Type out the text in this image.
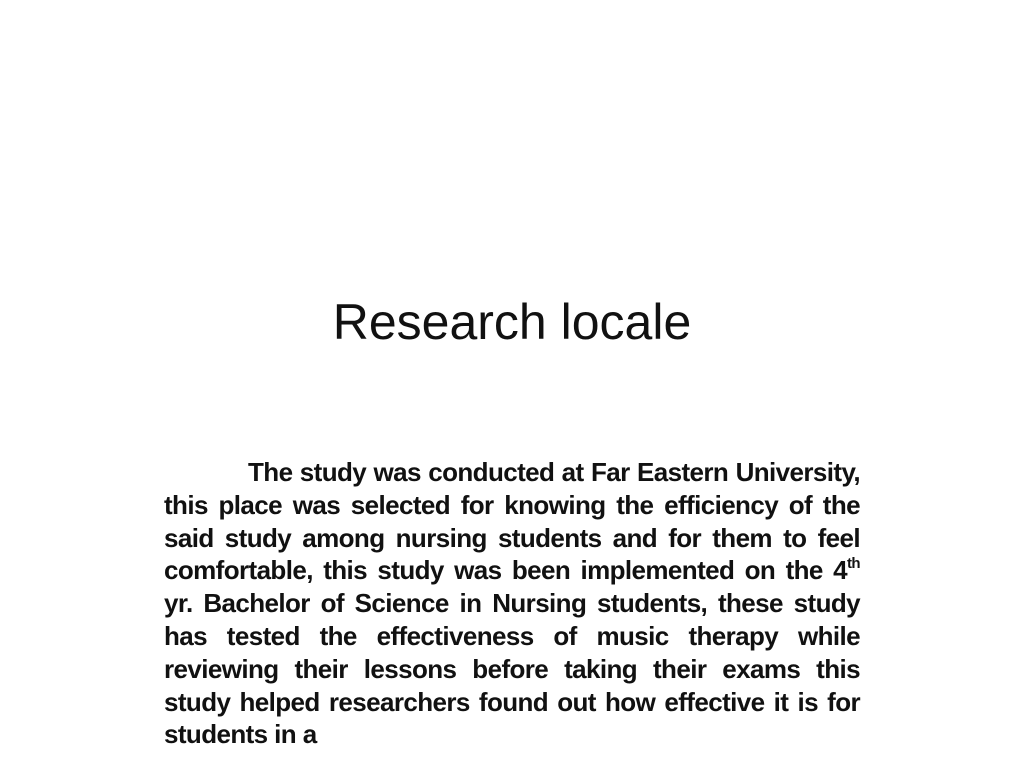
Research locale

The study was conducted at Far Eastern University, this place was selected for knowing the efficiency of the said study among nursing students and for them to feel comfortable, this study was been implemented on the 4th yr. Bachelor of Science in Nursing students, these study has tested the effectiveness of music therapy while reviewing their lessons before taking their exams this study helped researchers found out how effective it is for students in a
